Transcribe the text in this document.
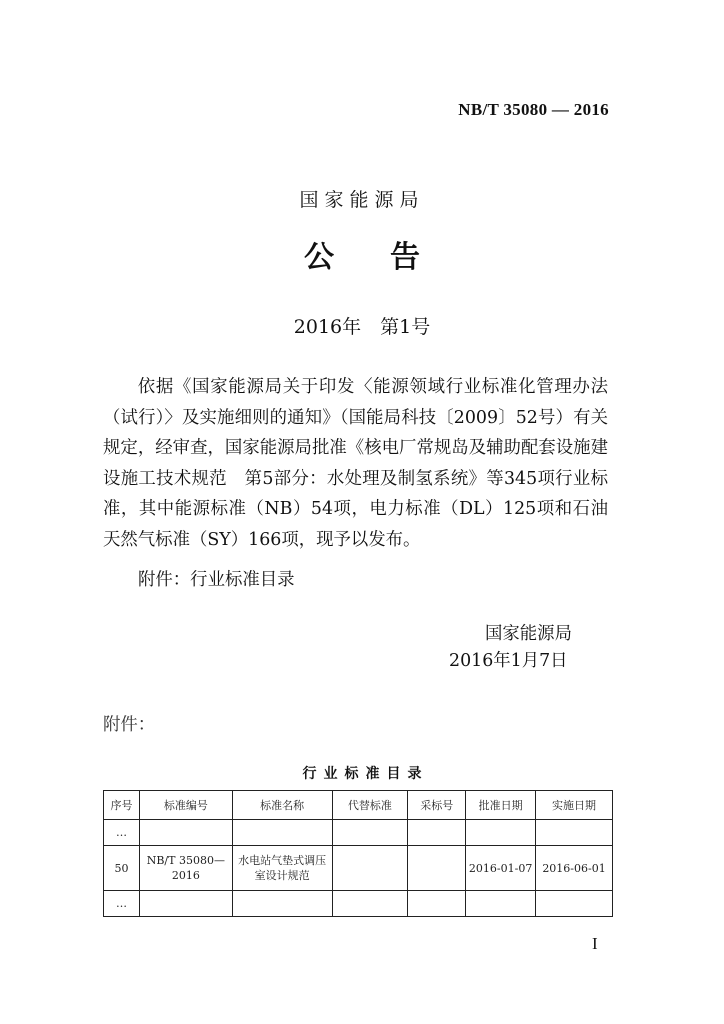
NB/T 35080 — 2016
国家能源局
公告
2016年　第1号
依据《国家能源局关于印发〈能源领域行业标准化管理办法（试行）〉及实施细则的通知》（国能局科技〔2009〕52号）有关规定，经审查，国家能源局批准《核电厂常规岛及辅助配套设施建设施工技术规范　第5部分：水处理及制氢系统》等345项行业标准，其中能源标准（NB）54项，电力标准（DL）125项和石油天然气标准（SY）166项，现予以发布。
附件：行业标准目录
国家能源局
2016年1月7日
附件：
行业标准目录
序号	标准编号	标准名称	代替标准	采标号	批准日期	实施日期
…						
50	NB/T 35080—2016	水电站气垫式调压室设计规范			2016-01-07	2016-06-01
…						
I
